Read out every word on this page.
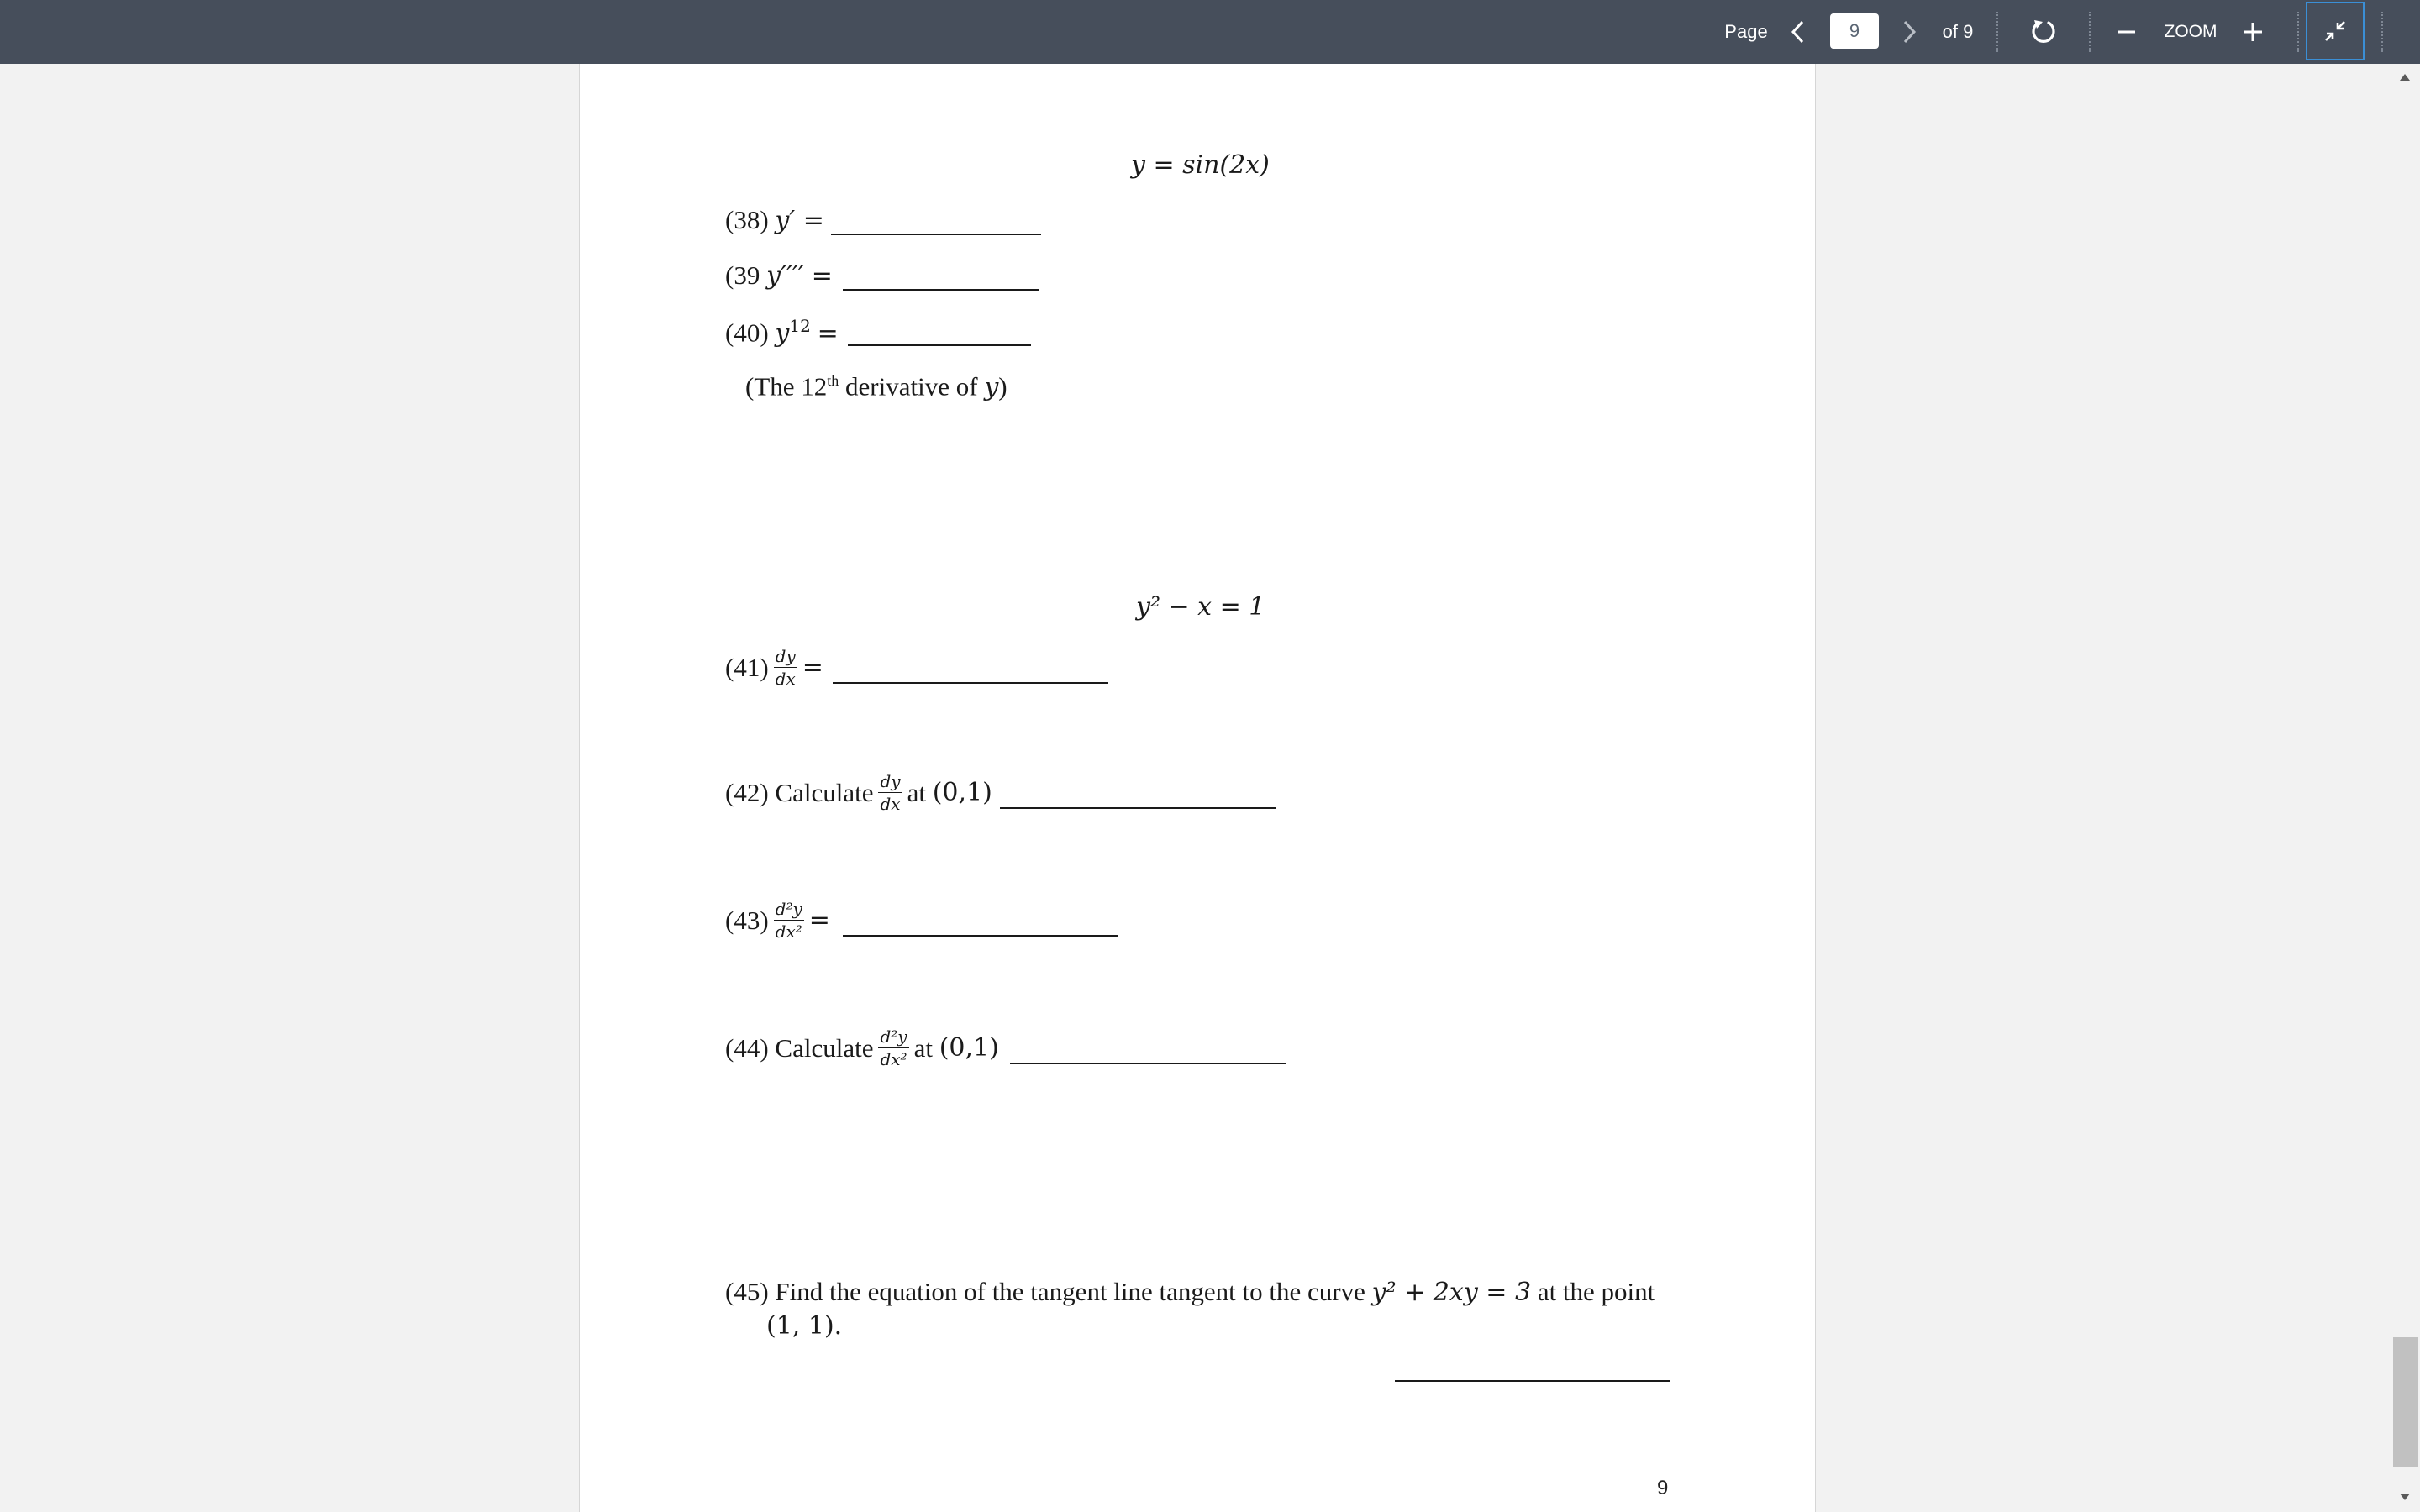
Page
9	of 9	ZOOM
y = sin(2x)
(38) y′ =
(39 y′′′′ =
(40) $y^{12}$ =
(The 12th derivative of y)
y² − x = 1
$(41) \frac{dy}{dx}$ =
(42) Calculate $\frac{dy}{dx}$ at
(0,1)
$(43) \frac{\text{d²y}}{\text{dx²}}$ =
(44) Calculate $\frac{\text{d²y}}{\text{dx²}}$ at
(0,1)
(45) Find the equation of the tangent line tangent to the curve y² + 2xy = 3 at the point
(1, 1).
9
